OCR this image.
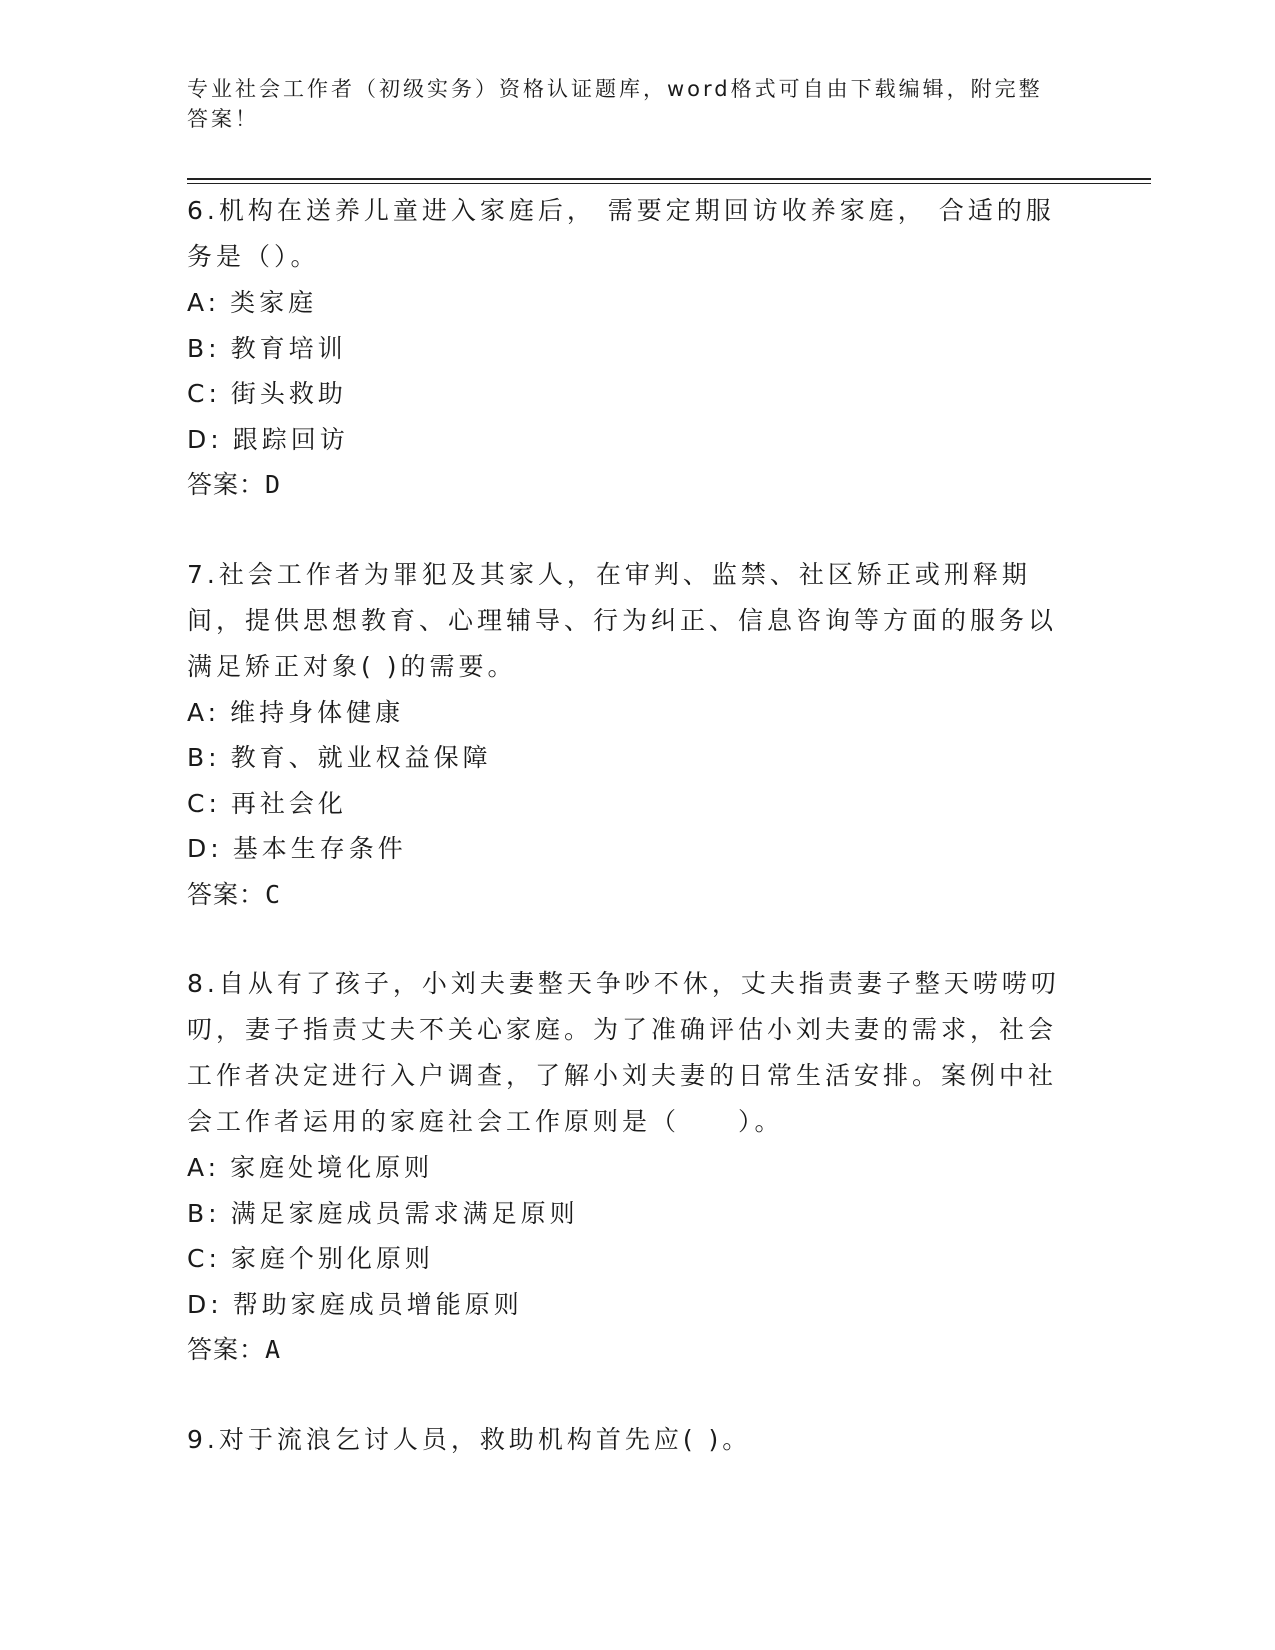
专业社会工作者（初级实务）资格认证题库，word格式可自由下载编辑，附完整
答案！

6.机构在送养儿童进入家庭后， 需要定期回访收养家庭， 合适的服务是（）。

A: 类家庭

B: 教育培训

C: 街头救助

D: 跟踪回访

答案：D

7.社会工作者为罪犯及其家人，在审判、监禁、社区矫正或刑释期间，提供思想教育、心理辅导、行为纠正、信息咨询等方面的服务以满足矫正对象( )的需要。

A: 维持身体健康

B: 教育、就业权益保障

C: 再社会化

D: 基本生存条件

答案：C

8.自从有了孩子，小刘夫妻整天争吵不休，丈夫指责妻子整天唠唠叨叨，妻子指责丈夫不关心家庭。为了准确评估小刘夫妻的需求，社会工作者决定进行入户调查，了解小刘夫妻的日常生活安排。案例中社会工作者运用的家庭社会工作原则是（　　）。

A: 家庭处境化原则

B: 满足家庭成员需求满足原则

C: 家庭个别化原则

D: 帮助家庭成员增能原则

答案：A

9.对于流浪乞讨人员，救助机构首先应( )。
